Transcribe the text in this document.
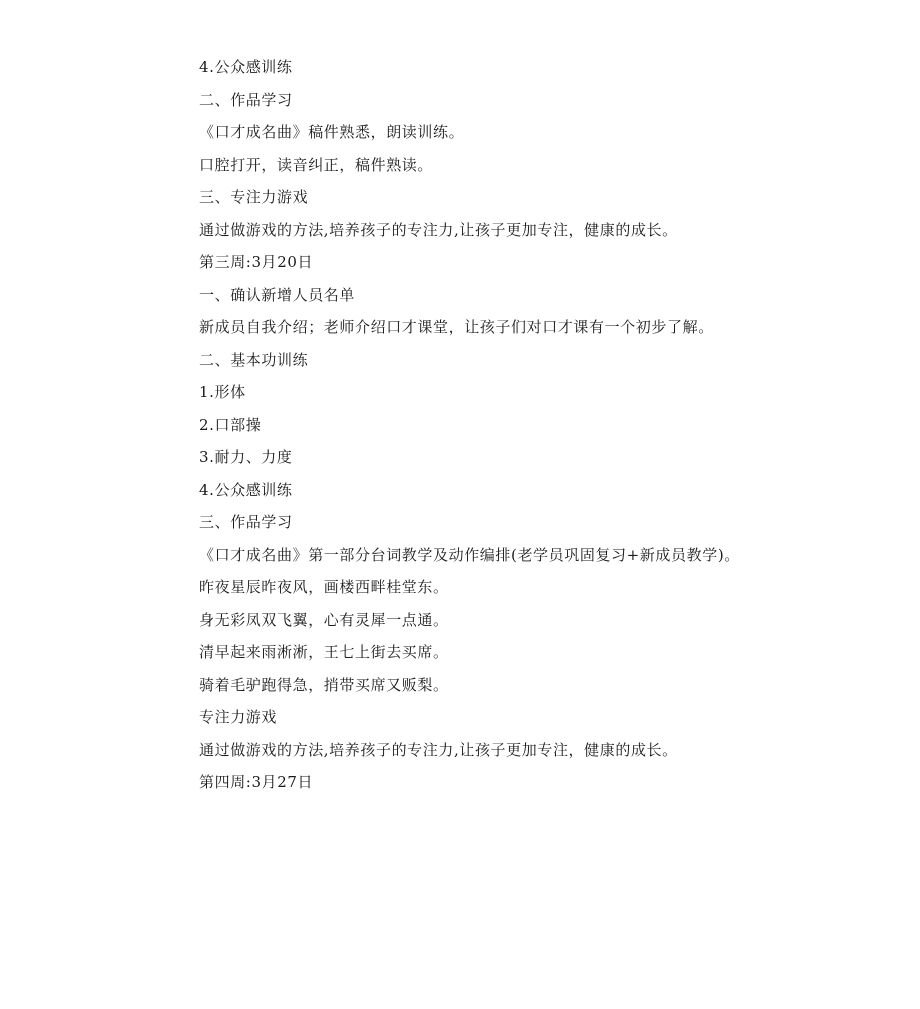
4.公众感训练
二、作品学习
《口才成名曲》稿件熟悉，朗读训练。
口腔打开，读音纠正，稿件熟读。
三、专注力游戏
通过做游戏的方法,培养孩子的专注力,让孩子更加专注，健康的成长。
第三周:3月20日
一、确认新增人员名单
新成员自我介绍；老师介绍口才课堂，让孩子们对口才课有一个初步了解。
二、基本功训练
1.形体
2.口部操
3.耐力、力度
4.公众感训练
三、作品学习
《口才成名曲》第一部分台词教学及动作编排(老学员巩固复习+新成员教学)。
昨夜星辰昨夜风，画楼西畔桂堂东。
身无彩凤双飞翼，心有灵犀一点通。
清早起来雨淅淅，王七上街去买席。
骑着毛驴跑得急，捎带买席又贩梨。
专注力游戏
通过做游戏的方法,培养孩子的专注力,让孩子更加专注，健康的成长。
第四周:3月27日
